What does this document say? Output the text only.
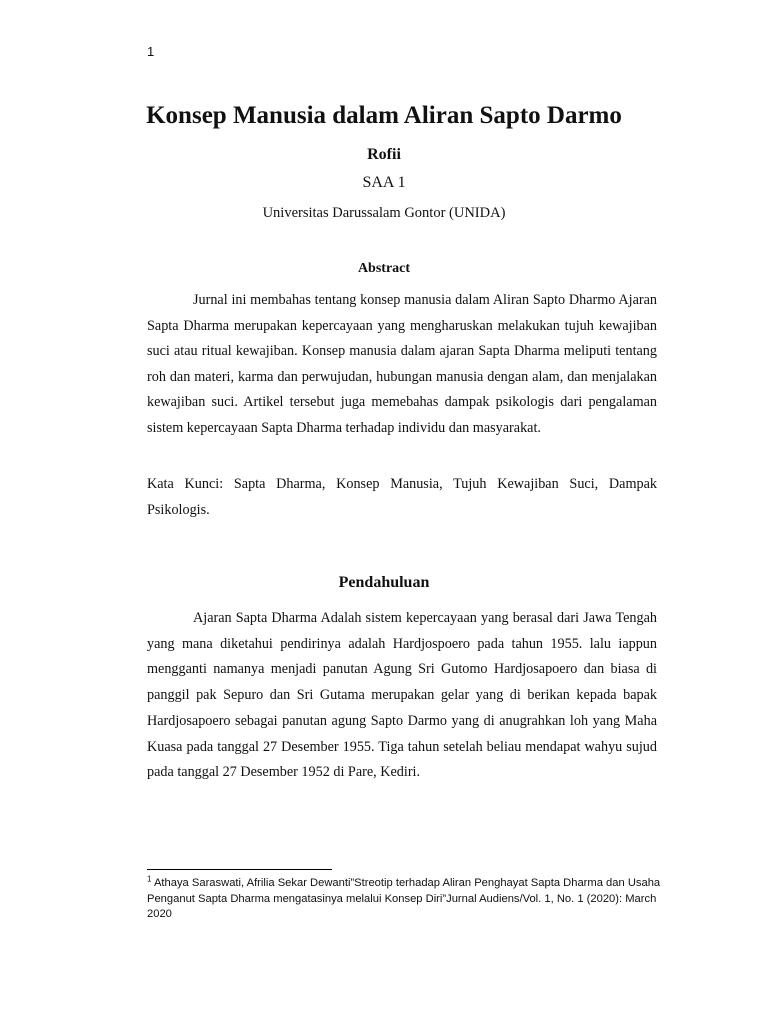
1
Konsep Manusia dalam Aliran Sapto Darmo
Rofii
SAA 1
Universitas Darussalam Gontor (UNIDA)
Abstract

Jurnal ini membahas tentang konsep manusia dalam Aliran Sapto Dharmo Ajaran Sapta Dharma merupakan kepercayaan yang mengharuskan melakukan tujuh kewajiban suci atau ritual kewajiban. Konsep manusia dalam ajaran Sapta Dharma meliputi tentang roh dan materi, karma dan perwujudan, hubungan manusia dengan alam, dan menjalakan kewajiban suci. Artikel tersebut juga memebahas dampak psikologis dari pengalaman sistem kepercayaan Sapta Dharma terhadap individu dan masyarakat.

Kata Kunci: Sapta Dharma, Konsep Manusia, Tujuh Kewajiban Suci, Dampak Psikologis.

Pendahuluan

Ajaran Sapta Dharma Adalah sistem kepercayaan yang berasal dari Jawa Tengah yang mana diketahui pendirinya adalah Hardjospoero pada tahun 1955. lalu iappun mengganti namanya menjadi panutan Agung Sri Gutomo Hardjosapoero dan biasa di panggil pak Sepuro dan Sri Gutama merupakan gelar yang di berikan kepada bapak Hardjosapoero sebagai panutan agung Sapto Darmo yang di anugrahkan loh yang Maha Kuasa pada tanggal 27 Desember 1955. Tiga tahun setelah beliau mendapat wahyu sujud pada tanggal 27 Desember 1952 di Pare, Kediri.

$^1$ Athaya Saraswati, Afrilia Sekar Dewanti”Streotip terhadap Aliran Penghayat Sapta Dharma dan Usaha Penganut Sapta Dharma mengatasinya melalui Konsep Diri”Jurnal Audiens/Vol. 1, No. 1 (2020): March 2020
